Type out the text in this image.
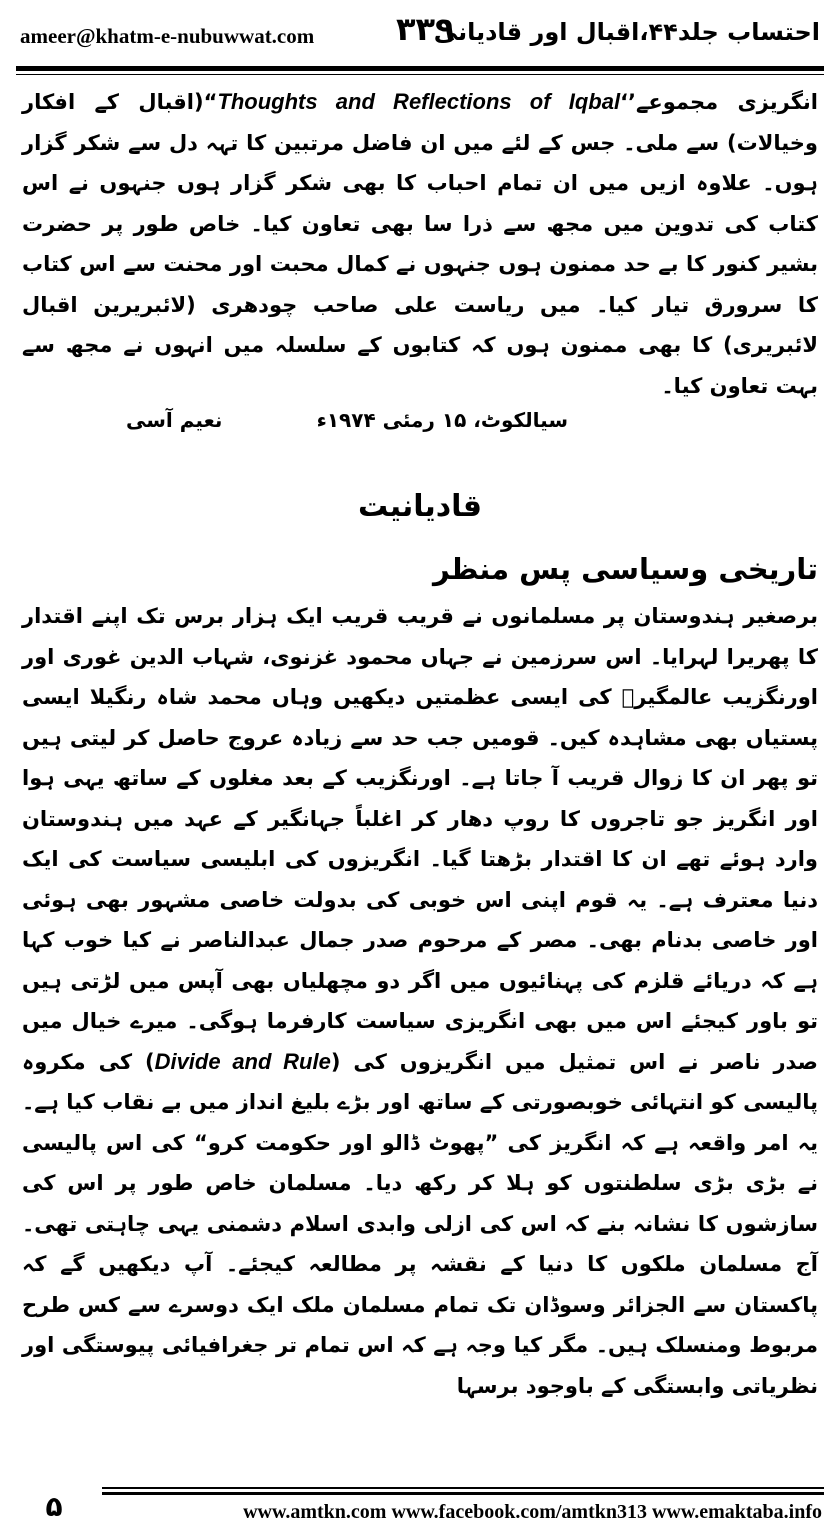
ameer@khatm-e-nubuwwat.com	۳۳۹
احتساب جلد۴۴،اقبال اور قادیانی

انگریزی مجموعے’‘Thoughts and Reflections of Iqbal“(اقبال کے افکار وخیالات) سے ملی۔ جس کے لئے میں ان فاضل مرتبین کا تہہ دل سے شکر گزار ہوں۔ علاوہ ازیں میں ان تمام احباب کا بھی شکر گزار ہوں جنہوں نے اس کتاب کی تدوین میں مجھ سے ذرا سا بھی تعاون کیا۔ خاص طور پر حضرت بشیر کنور کا بے حد ممنون ہوں جنہوں نے کمال محبت اور محنت سے اس کتاب کا سرورق تیار کیا۔ میں ریاست علی صاحب چودھری (لائبریرین اقبال لائبریری) کا بھی ممنون ہوں کہ کتابوں کے سلسلہ میں انہوں نے مجھ سے بہت تعاون کیا۔

سیالکوٹ، ۱۵ رمئی ۱۹۷۴ء
نعیم آسی
قادیانیت
تاریخی وسیاسی پس منظر

برصغیر ہندوستان پر مسلمانوں نے قریب قریب ایک ہزار برس تک اپنے اقتدار کا پھریرا لہرایا۔ اس سرزمین نے جہاں محمود غزنوی، شہاب الدین غوری اور اورنگزیب عالمگیرؒ کی ایسی عظمتیں دیکھیں وہاں محمد شاہ رنگیلا ایسی پستیاں بھی مشاہدہ کیں۔ قومیں جب حد سے زیادہ عروج حاصل کر لیتی ہیں تو پھر ان کا زوال قریب آ جاتا ہے۔ اورنگزیب کے بعد مغلوں کے ساتھ یہی ہوا اور انگریز جو تاجروں کا روپ دھار کر اغلباً جہانگیر کے عہد میں ہندوستان وارد ہوئے تھے ان کا اقتدار بڑھتا گیا۔ انگریزوں کی ابلیسی سیاست کی ایک دنیا معترف ہے۔ یہ قوم اپنی اس خوبی کی بدولت خاصی مشہور بھی ہوئی اور خاصی بدنام بھی۔ مصر کے مرحوم صدر جمال عبدالناصر نے کیا خوب کہا ہے کہ دریائے قلزم کی پہنائیوں میں اگر دو مچھلیاں بھی آپس میں لڑتی ہیں تو باور کیجئے اس میں بھی انگریزی سیاست کارفرما ہوگی۔ میرے خیال میں صدر ناصر نے اس تمثیل میں انگریزوں کی (Divide and Rule) کی مکروہ پالیسی کو انتہائی خوبصورتی کے ساتھ اور بڑے بلیغ انداز میں بے نقاب کیا ہے۔ یہ امر واقعہ ہے کہ انگریز کی ”پھوٹ ڈالو اور حکومت کرو“ کی اس پالیسی نے بڑی بڑی سلطنتوں کو ہلا کر رکھ دیا۔ مسلمان خاص طور پر اس کی سازشوں کا نشانہ بنے کہ اس کی ازلی وابدی اسلام دشمنی یہی چاہتی تھی۔ آج مسلمان ملکوں کا دنیا کے نقشہ پر مطالعہ کیجئے۔ آپ دیکھیں گے کہ پاکستان سے الجزائر وسوڈان تک تمام مسلمان ملک ایک دوسرے سے کس طرح مربوط ومنسلک ہیں۔ مگر کیا وجہ ہے کہ اس تمام تر جغرافیائی پیوستگی اور نظریاتی وابستگی کے باوجود برسہا

۵	www.amtkn.com www.facebook.com/amtkn313 www.emaktaba.info
